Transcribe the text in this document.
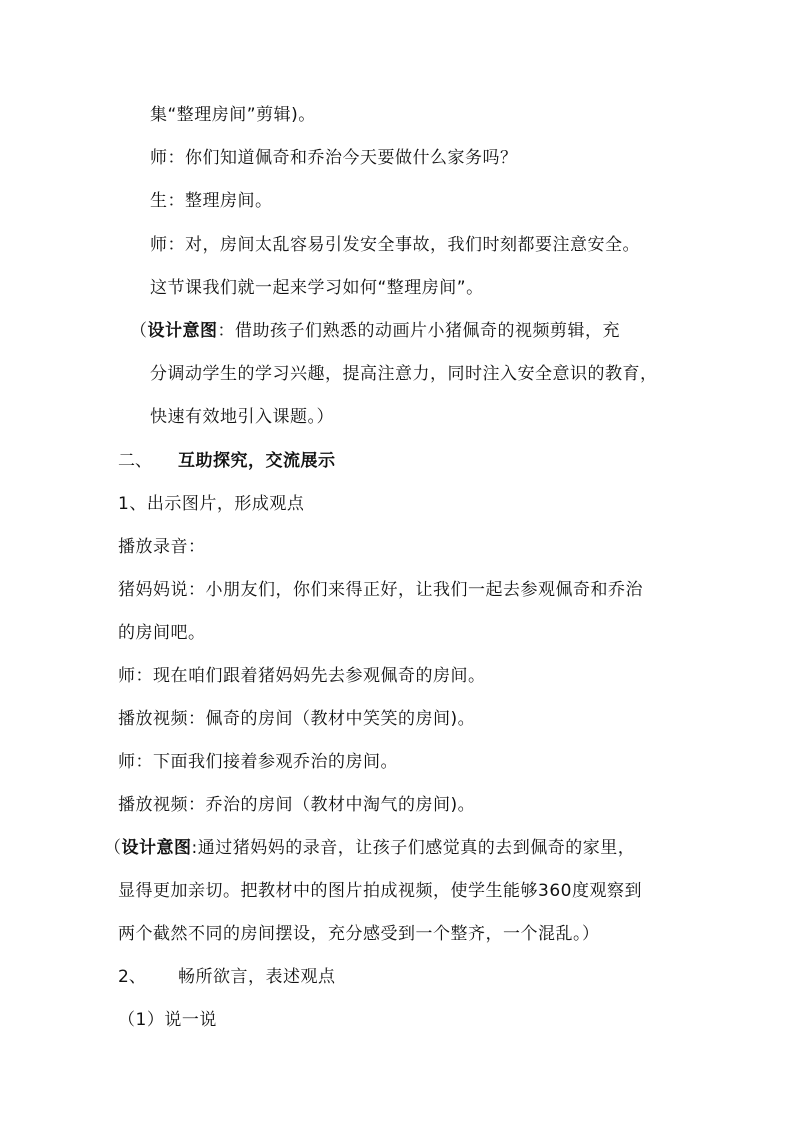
集“整理房间”剪辑)。
师：你们知道佩奇和乔治今天要做什么家务吗？
生：整理房间。
师：对，房间太乱容易引发安全事故，我们时刻都要注意安全。
这节课我们就一起来学习如何“整理房间”。
（设计意图：借助孩子们熟悉的动画片小猪佩奇的视频剪辑，充
分调动学生的学习兴趣，提高注意力，同时注入安全意识的教育，
快速有效地引入课题。）
二、 互助探究，交流展示
1、出示图片，形成观点
播放录音：
猪妈妈说：小朋友们，你们来得正好，让我们一起去参观佩奇和乔治
的房间吧。
师：现在咱们跟着猪妈妈先去参观佩奇的房间。
播放视频：佩奇的房间（教材中笑笑的房间)。
师：下面我们接着参观乔治的房间。
播放视频：乔治的房间（教材中淘气的房间)。
（设计意图:通过猪妈妈的录音，让孩子们感觉真的去到佩奇的家里，
显得更加亲切。把教材中的图片拍成视频，使学生能够360度观察到
两个截然不同的房间摆设，充分感受到一个整齐，一个混乱。）
2、 畅所欲言，表述观点
（1）说一说
